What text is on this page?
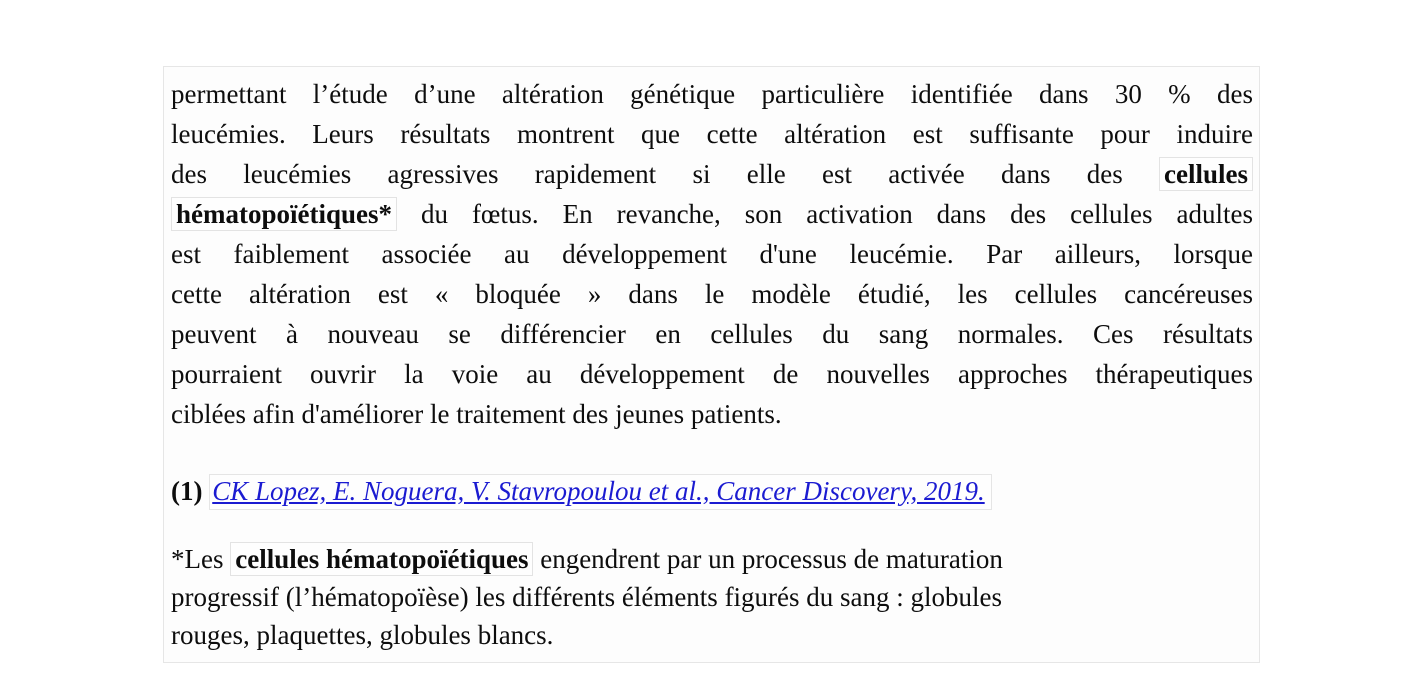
permettant l’étude d’une altération génétique particulière identifiée dans 30 % des
leucémies. Leurs résultats montrent que cette altération est suffisante pour induire
des leucémies agressives rapidement si elle est activée dans des cellules
hématopoïétiques* du fœtus. En revanche, son activation dans des cellules adultes
est faiblement associée au développement d'une leucémie. Par ailleurs, lorsque
cette altération est « bloquée » dans le modèle étudié, les cellules cancéreuses
peuvent à nouveau se différencier en cellules du sang normales. Ces résultats
pourraient ouvrir la voie au développement de nouvelles approches thérapeutiques
ciblées afin d'améliorer le traitement des jeunes patients.
(1) CK Lopez, E. Noguera, V. Stavropoulou et al., Cancer Discovery, 2019.
*Les cellules hématopoïétiques engendrent par un processus de maturation
progressif (l’hématopoïèse) les différents éléments figurés du sang : globules
rouges, plaquettes, globules blancs.
